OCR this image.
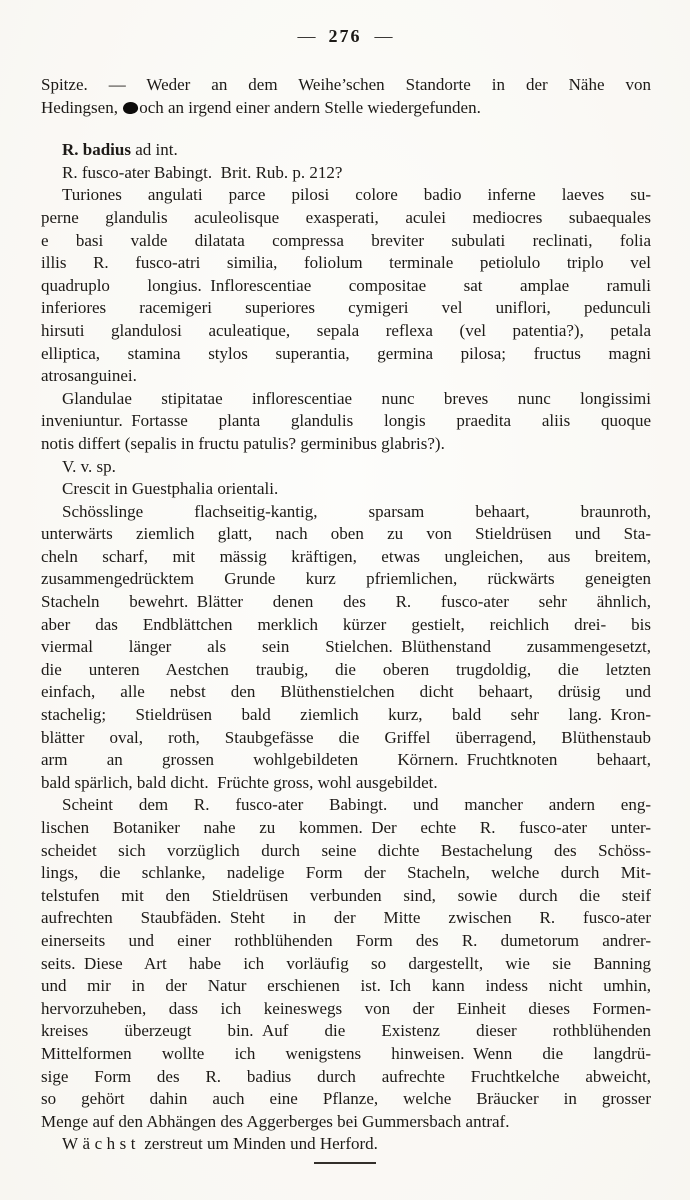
— 276 —
Spitze. — Weder an dem Weihe’schen Standorte in der Nähe von
Hedingsen, och an irgend einer andern Stelle wiedergefunden.
R. badius ad int.
R. fusco-ater Babingt. Brit. Rub. p. 212?
Turiones angulati parce pilosi colore badio inferne laeves su-
perne glandulis aculeolisque exasperati, aculei mediocres subaequales
e basi valde dilatata compressa breviter subulati reclinati, folia
illis R. fusco-atri similia, foliolum terminale petiolulo triplo vel
quadruplo longius. Inflorescentiae compositae sat amplae ramuli
inferiores racemigeri superiores cymigeri vel uniflori, pedunculi
hirsuti glandulosi aculeatique, sepala reflexa (vel patentia?), petala
elliptica, stamina stylos superantia, germina pilosa; fructus magni
atrosanguinei.
Glandulae stipitatae inflorescentiae nunc breves nunc longissimi
inveniuntur. Fortasse planta glandulis longis praedita aliis quoque
notis differt (sepalis in fructu patulis? germinibus glabris?).
V. v. sp.
Crescit in Guestphalia orientali.
Schösslinge flachseitig-kantig, sparsam behaart, braunroth,
unterwärts ziemlich glatt, nach oben zu von Stieldrüsen und Sta-
cheln scharf, mit mässig kräftigen, etwas ungleichen, aus breitem,
zusammengedrücktem Grunde kurz pfriemlichen, rückwärts geneigten
Stacheln bewehrt. Blätter denen des R. fusco-ater sehr ähnlich,
aber das Endblättchen merklich kürzer gestielt, reichlich drei- bis
viermal länger als sein Stielchen. Blüthenstand zusammengesetzt,
die unteren Aestchen traubig, die oberen trugdoldig, die letzten
einfach, alle nebst den Blüthenstielchen dicht behaart, drüsig und
stachelig; Stieldrüsen bald ziemlich kurz, bald sehr lang. Kron-
blätter oval, roth, Staubgefässe die Griffel überragend, Blüthenstaub
arm an grossen wohlgebildeten Körnern. Fruchtknoten behaart,
bald spärlich, bald dicht. Früchte gross, wohl ausgebildet.
Scheint dem R. fusco-ater Babingt. und mancher andern eng-
lischen Botaniker nahe zu kommen. Der echte R. fusco-ater unter-
scheidet sich vorzüglich durch seine dichte Bestachelung des Schöss-
lings, die schlanke, nadelige Form der Stacheln, welche durch Mit-
telstufen mit den Stieldrüsen verbunden sind, sowie durch die steif
aufrechten Staubfäden. Steht in der Mitte zwischen R. fusco-ater
einerseits und einer rothblühenden Form des R. dumetorum andrer-
seits. Diese Art habe ich vorläufig so dargestellt, wie sie Banning
und mir in der Natur erschienen ist. Ich kann indess nicht umhin,
hervorzuheben, dass ich keineswegs von der Einheit dieses Formen-
kreises überzeugt bin. Auf die Existenz dieser rothblühenden
Mittelformen wollte ich wenigstens hinweisen. Wenn die langdrü-
sige Form des R. badius durch aufrechte Fruchtkelche abweicht,
so gehört dahin auch eine Pflanze, welche Bräucker in grosser
Menge auf den Abhängen des Aggerberges bei Gummersbach antraf.
Wächst zerstreut um Minden und Herford.
